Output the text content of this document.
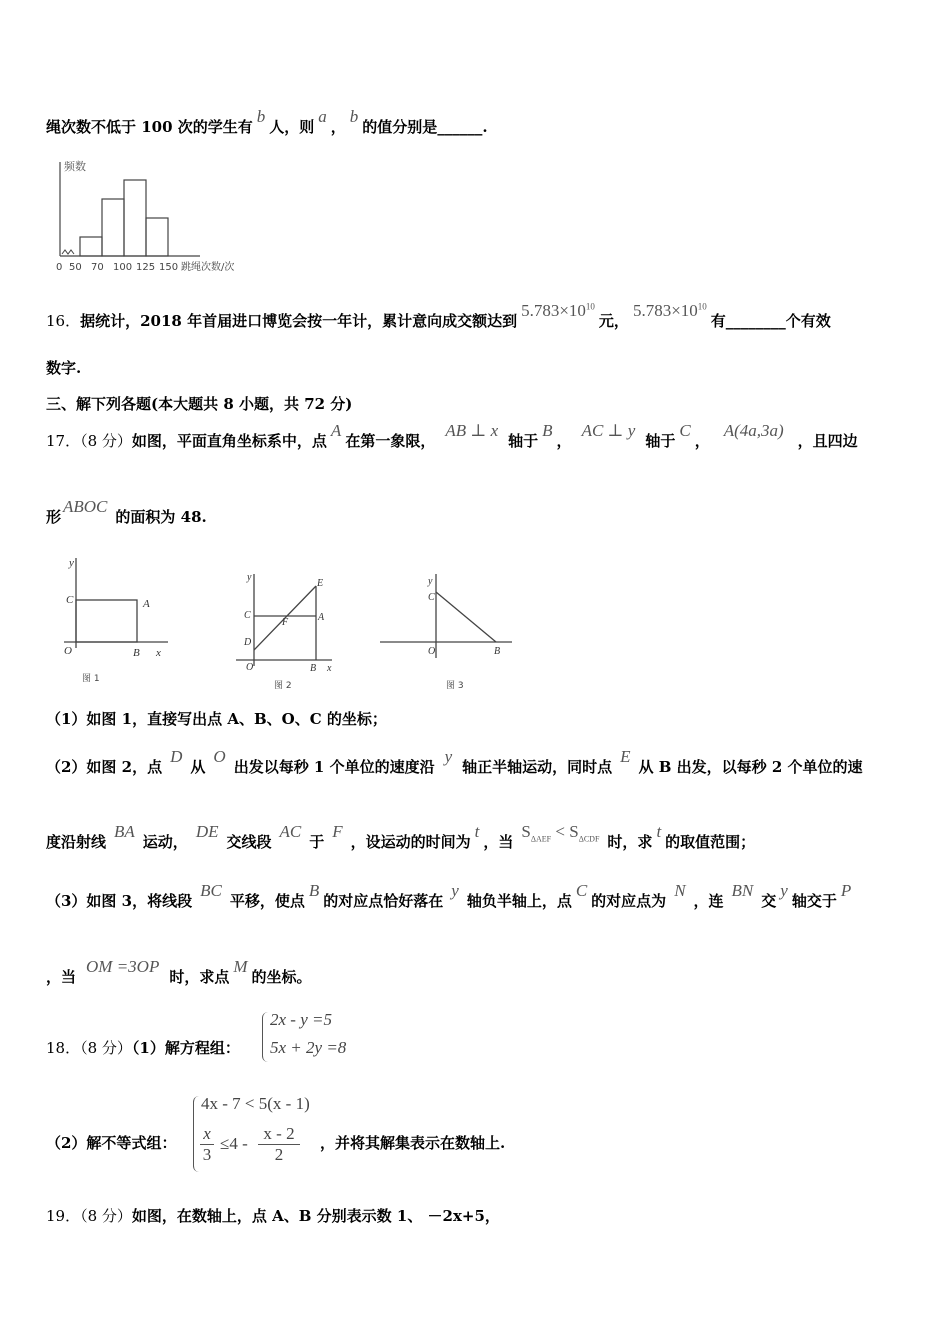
绳次数不低于 100 次的学生有b人，则a，b的值分别是______.
频数
0 50 70 100 125 150 跳绳次数/次
16．据统计，2018 年首届进口博览会按一年计，累计意向成交额达到$5.783\times 10^{10}$元，$5.783\times 10^{10}$有________个有效
数字.
三、解下列各题(本大题共 8 小题，共 72 分)
17．（8 分）如图，平面直角坐标系中，点A在第一象限，AB ⊥ x轴于B，AC ⊥ y轴于C，A(4a,3a)，且四边
形ABOC的面积为 48.
y
x
C	A
O	B
图 1
y
x
E
C	A
F
D
O	B
图 2
y
C
O	B
图 3
（1）如图 1，直接写出点 A、B、O、C 的坐标；
（2）如图 2，点D从O出发以每秒 1 个单位的速度沿y轴正半轴运动，同时点E从 B 出发，以每秒 2 个单位的速
度沿射线BA运动，DE交线段AC于F，设运动的时间为t，当$S_{\Delta AEF} < S_{\Delta CDF}$ 时，求t的取值范围；
（3）如图 3，将线段BC平移，使点B的对应点恰好落在y轴负半轴上，点C的对应点为N，连BN交y轴交于P
，当OM =3OP时，求点M的坐标。
18．（8 分）（1）解方程组：
2x - y =5
5x + 2y =8
（2）解不等式组：
4x - 7 < 5(x - 1)
$\frac{x}{3} \le 4 - \frac{x - 2}{2}$ ，并将其解集表示在数轴上.
19．（8 分）如图，在数轴上，点 A、B 分别表示数 1、 －2x+5，
